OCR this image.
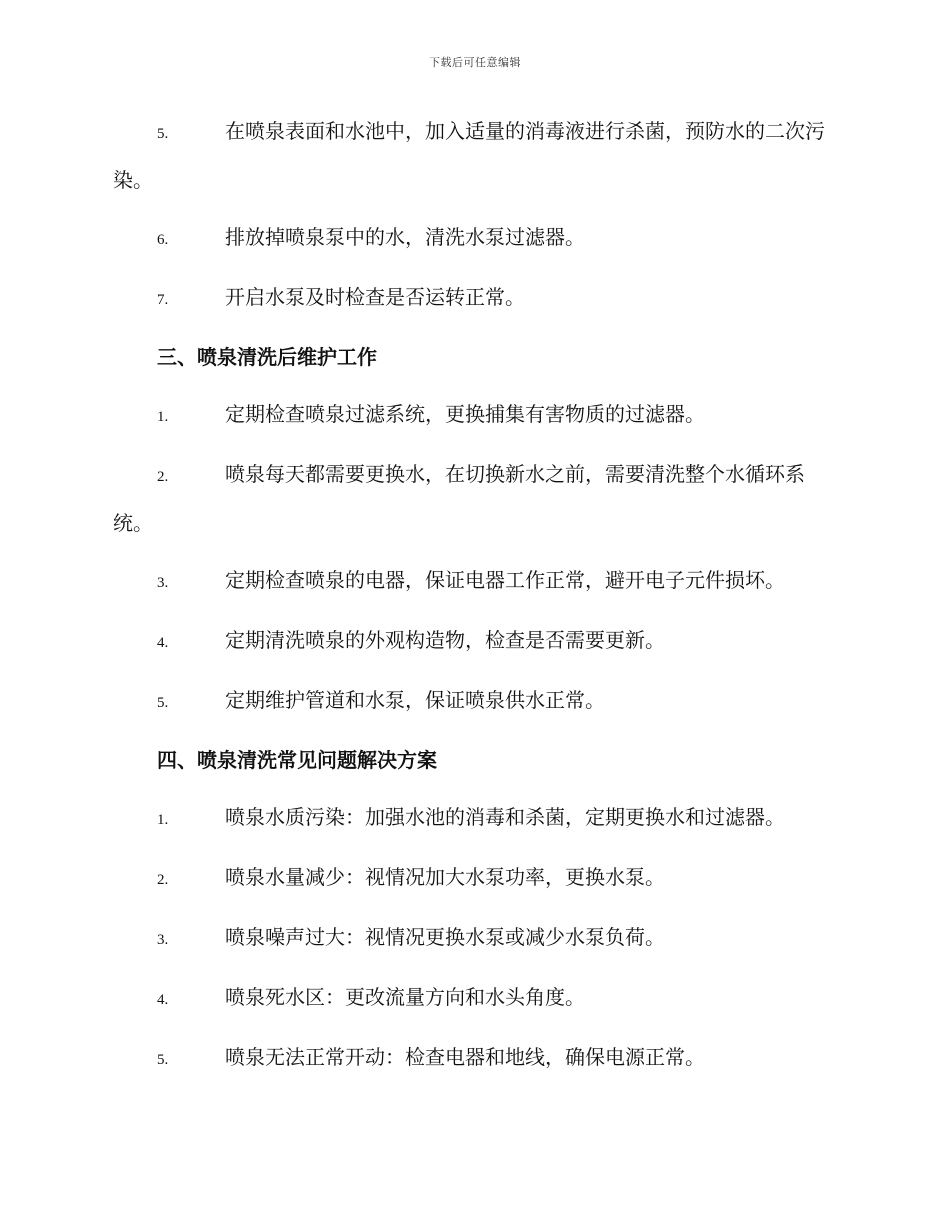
下载后可任意编辑
5.	在喷泉表面和水池中，加入适量的消毒液进行杀菌，预防水的二次污染。
6.	排放掉喷泉泵中的水，清洗水泵过滤器。
7.	开启水泵及时检查是否运转正常。
三、喷泉清洗后维护工作
1.	定期检查喷泉过滤系统，更换捕集有害物质的过滤器。
2.	喷泉每天都需要更换水，在切换新水之前，需要清洗整个水循环系统。
3.	定期检查喷泉的电器，保证电器工作正常，避开电子元件损坏。
4.	定期清洗喷泉的外观构造物，检查是否需要更新。
5.	定期维护管道和水泵，保证喷泉供水正常。
四、喷泉清洗常见问题解决方案
1.	喷泉水质污染：加强水池的消毒和杀菌，定期更换水和过滤器。
2.	喷泉水量减少：视情况加大水泵功率，更换水泵。
3.	喷泉噪声过大：视情况更换水泵或减少水泵负荷。
4.	喷泉死水区：更改流量方向和水头角度。
5.	喷泉无法正常开动：检查电器和地线，确保电源正常。
